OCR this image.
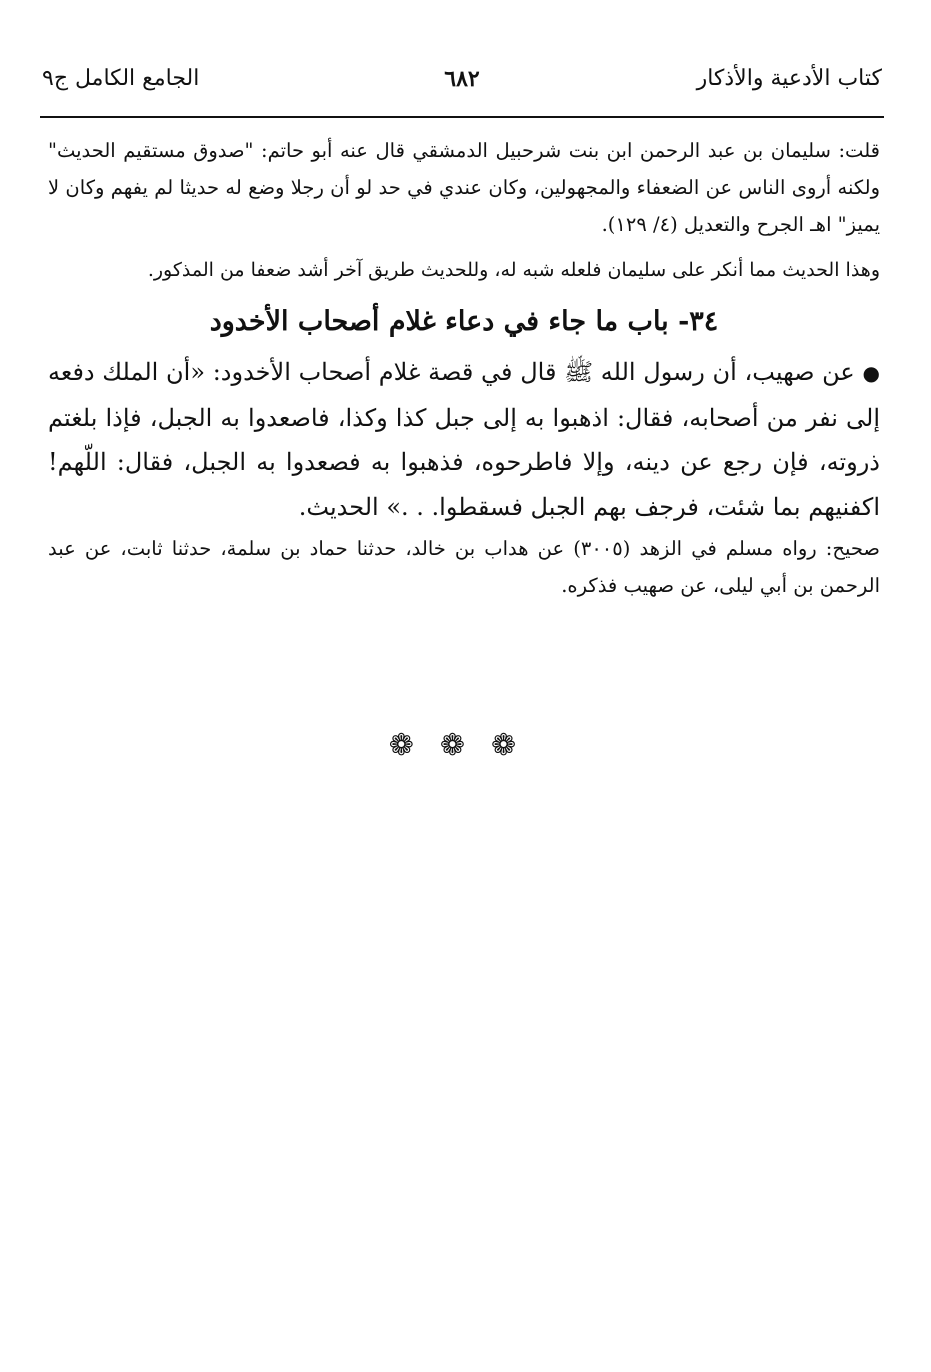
كتاب الأدعية والأذكار
٦٨٢
الجامع الكامل ج٩

قلت: سليمان بن عبد الرحمن ابن بنت شرحبيل الدمشقي قال عنه أبو حاتم: "صدوق مستقيم الحديث" ولكنه أروى الناس عن الضعفاء والمجهولين، وكان عندي في حد لو أن رجلا وضع له حديثا لم يفهم وكان لا يميز" اهـ الجرح والتعديل (٤/ ١٢٩).

وهذا الحديث مما أنكر على سليمان فلعله شبه له، وللحديث طريق آخر أشد ضعفا من المذكور.

٣٤- باب ما جاء في دعاء غلام أصحاب الأخدود

● عن صهيب، أن رسول الله ﷺ قال في قصة غلام أصحاب الأخدود: «أن الملك دفعه إلى نفر من أصحابه، فقال: اذهبوا به إلى جبل كذا وكذا، فاصعدوا به الجبل، فإذا بلغتم ذروته، فإن رجع عن دينه، وإلا فاطرحوه، فذهبوا به فصعدوا به الجبل، فقال: اللّهم! اكفنيهم بما شئت، فرجف بهم الجبل فسقطوا. . .» الحديث.

صحيح: رواه مسلم في الزهد (٣٠٠٥) عن هداب بن خالد، حدثنا حماد بن سلمة، حدثنا ثابت، عن عبد الرحمن بن أبي ليلى، عن صهيب فذكره.

❁❁❁
